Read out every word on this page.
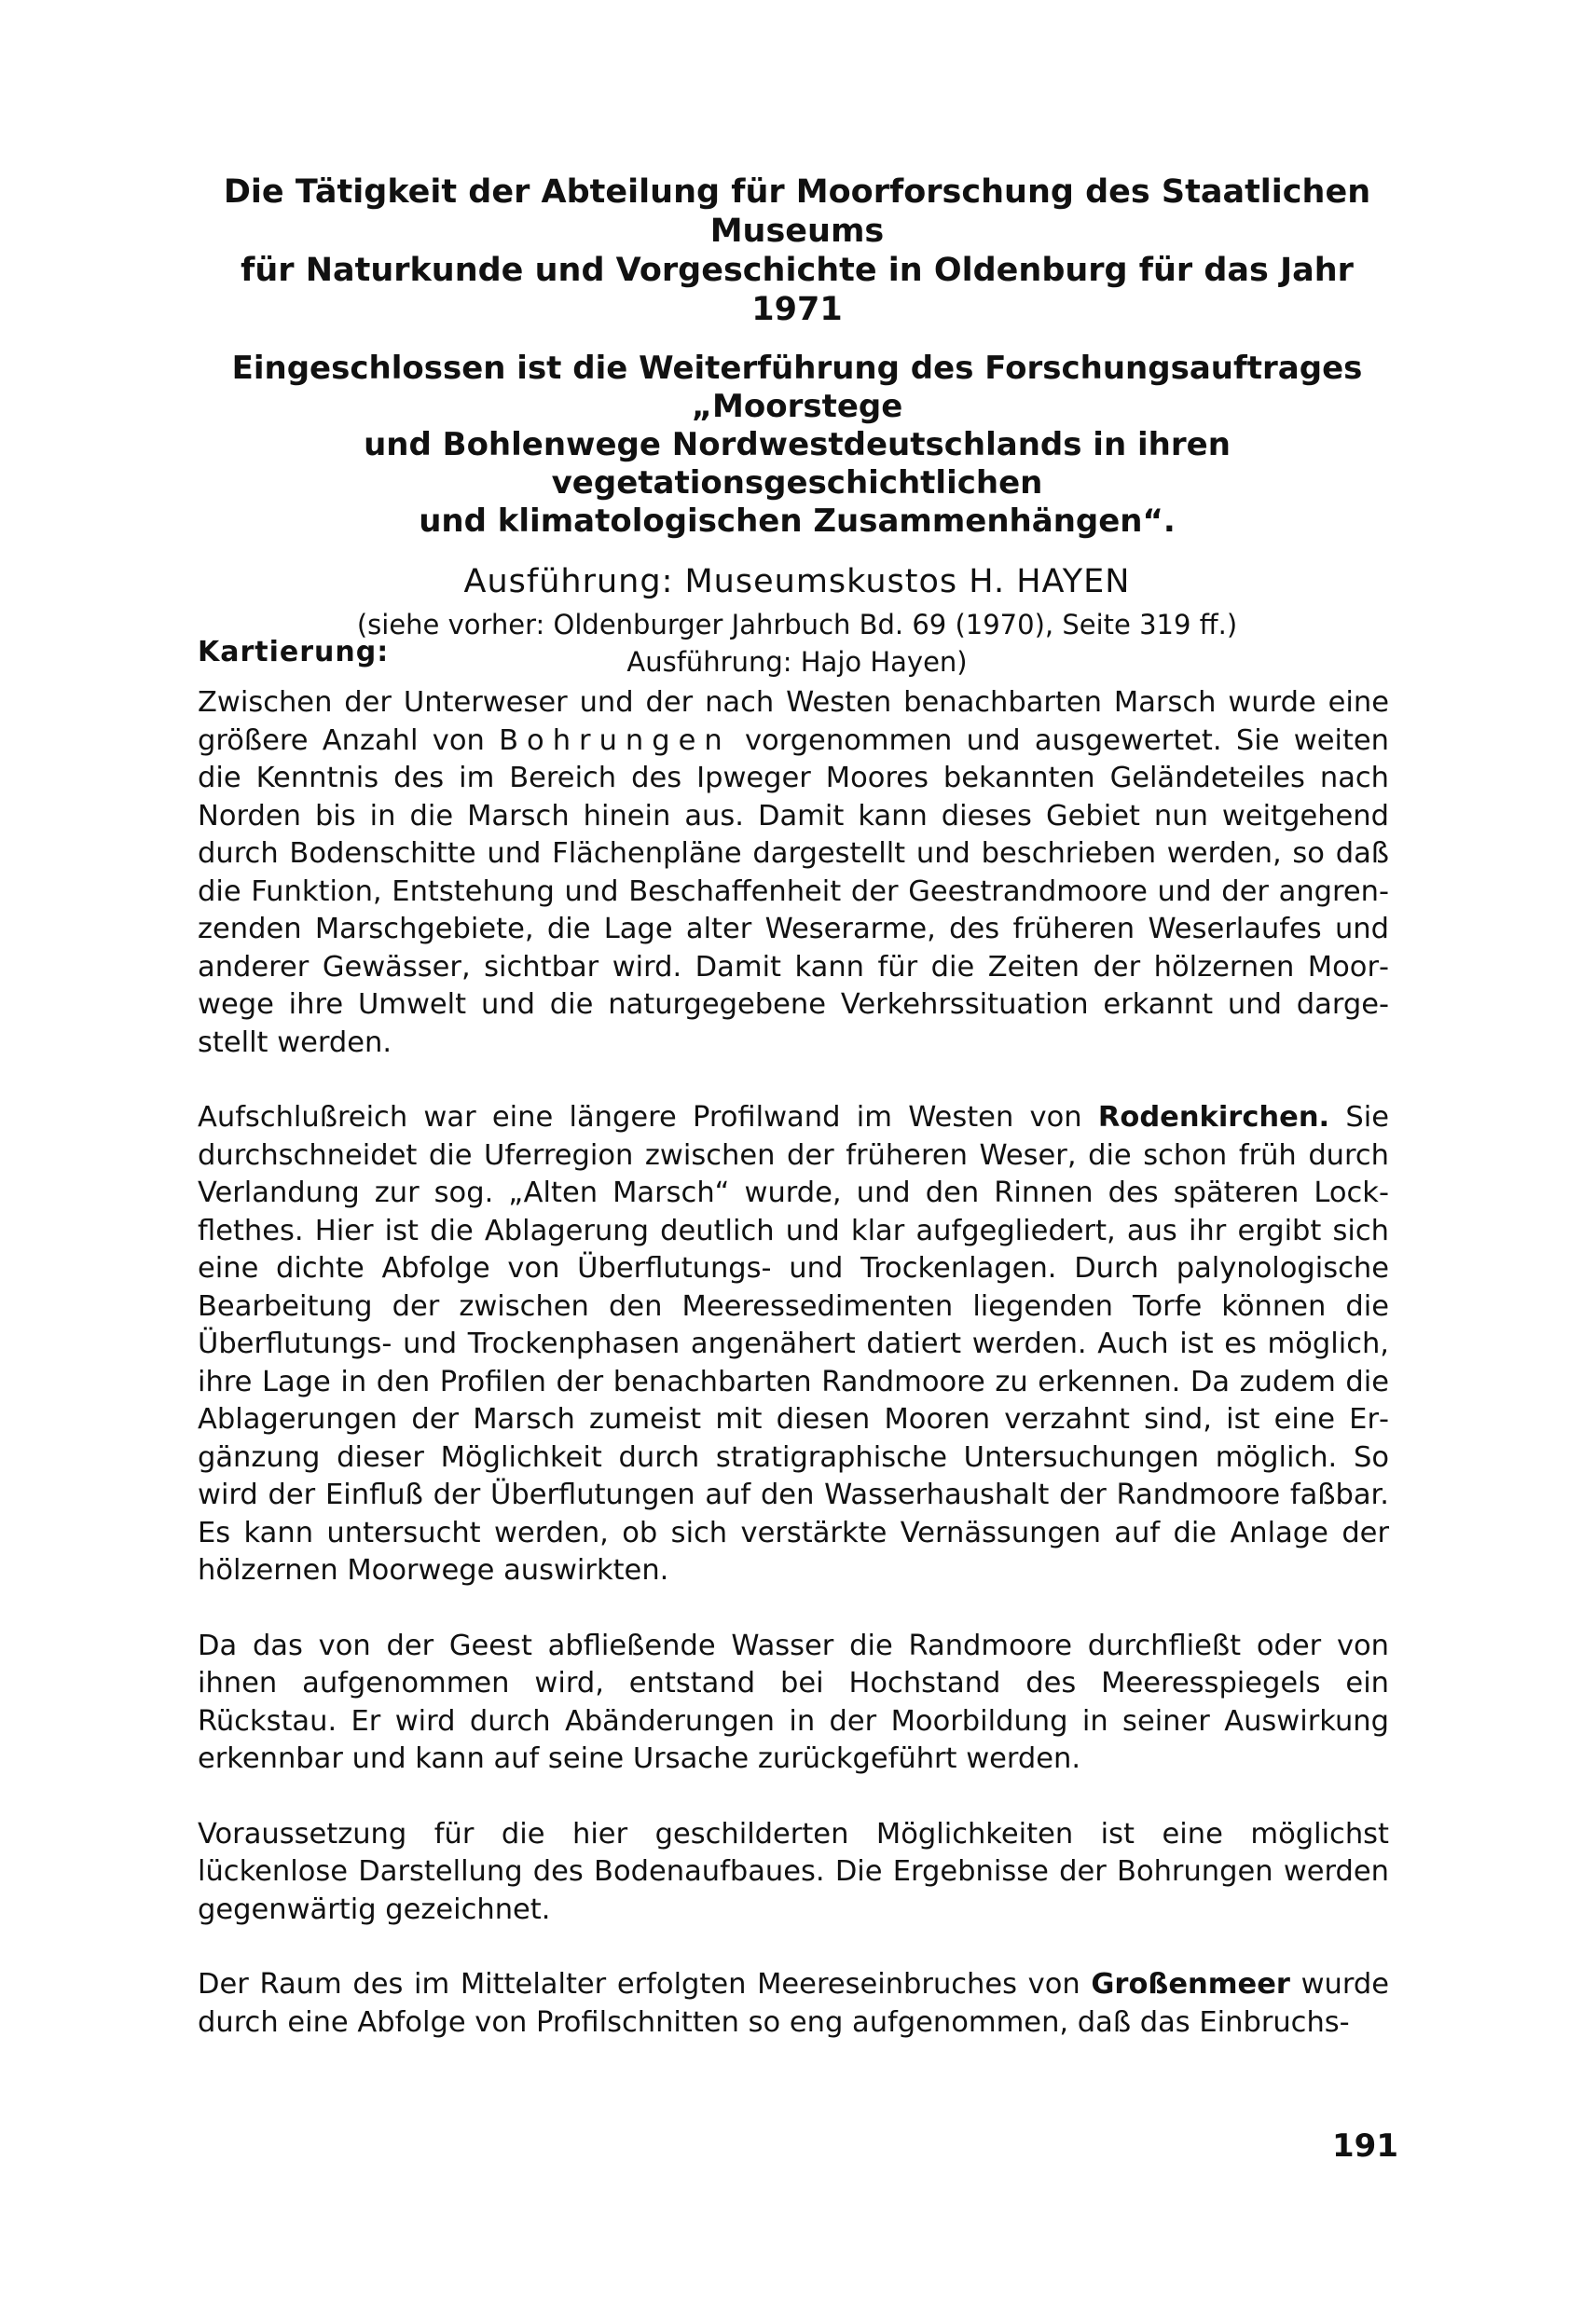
Die Tätigkeit der Abteilung für Moorforschung des Staatlichen Museums
für Naturkunde und Vorgeschichte in Oldenburg für das Jahr
1971

Eingeschlossen ist die Weiterführung des Forschungsauftrages „Moorstege
und Bohlenwege Nordwestdeutschlands in ihren vegetationsgeschichtlichen
und klimatologischen Zusammenhängen“.

Ausführung: Museumskustos H. HAYEN

(siehe vorher: Oldenburger Jahrbuch Bd. 69 (1970), Seite 319 ff.)
Ausführung: Hajo Hayen)

Kartierung:

Zwischen der Unterweser und der nach Westen benachbarten Marsch wurde eine größere Anzahl von Bohrungen vorgenommen und ausgewertet. Sie weiten die Kenntnis des im Bereich des Ipweger Moores bekannten Geländeteiles nach Norden bis in die Marsch hinein aus. Damit kann dieses Gebiet nun weitgehend durch Bodenschitte und Flächenpläne dargestellt und beschrieben werden, so daß die Funktion, Entstehung und Beschaffenheit der Geestrandmoore und der angrenzenden Marschgebiete, die Lage alter Weserarme, des früheren Weserlaufes und anderer Gewässer, sichtbar wird. Damit kann für die Zeiten der hölzernen Moorwege ihre Umwelt und die naturgegebene Verkehrssituation erkannt und dargestellt werden.

Aufschlußreich war eine längere Profilwand im Westen von Rodenkirchen. Sie durchschneidet die Uferregion zwischen der früheren Weser, die schon früh durch Verlandung zur sog. „Alten Marsch“ wurde, und den Rinnen des späteren Lockflethes. Hier ist die Ablagerung deutlich und klar aufgegliedert, aus ihr ergibt sich eine dichte Abfolge von Überflutungs- und Trockenlagen. Durch palynologische Bearbeitung der zwischen den Meeressedimenten liegenden Torfe können die Überflutungs- und Trockenphasen angenähert datiert werden. Auch ist es möglich, ihre Lage in den Profilen der benachbarten Randmoore zu erkennen. Da zudem die Ablagerungen der Marsch zumeist mit diesen Mooren verzahnt sind, ist eine Ergänzung dieser Möglichkeit durch stratigraphische Untersuchungen möglich. So wird der Einfluß der Überflutungen auf den Wasserhaushalt der Randmoore faßbar. Es kann untersucht werden, ob sich verstärkte Vernässungen auf die Anlage der hölzernen Moorwege auswirkten.

Da das von der Geest abfließende Wasser die Randmoore durchfließt oder von ihnen aufgenommen wird, entstand bei Hochstand des Meeresspiegels ein Rückstau. Er wird durch Abänderungen in der Moorbildung in seiner Auswirkung erkennbar und kann auf seine Ursache zurückgeführt werden.

Voraussetzung für die hier geschilderten Möglichkeiten ist eine möglichst lückenlose Darstellung des Bodenaufbaues. Die Ergebnisse der Bohrungen werden gegenwärtig gezeichnet.

Der Raum des im Mittelalter erfolgten Meereseinbruches von Großenmeer wurde durch eine Abfolge von Profilschnitten so eng aufgenommen, daß das Einbruchs-

191
